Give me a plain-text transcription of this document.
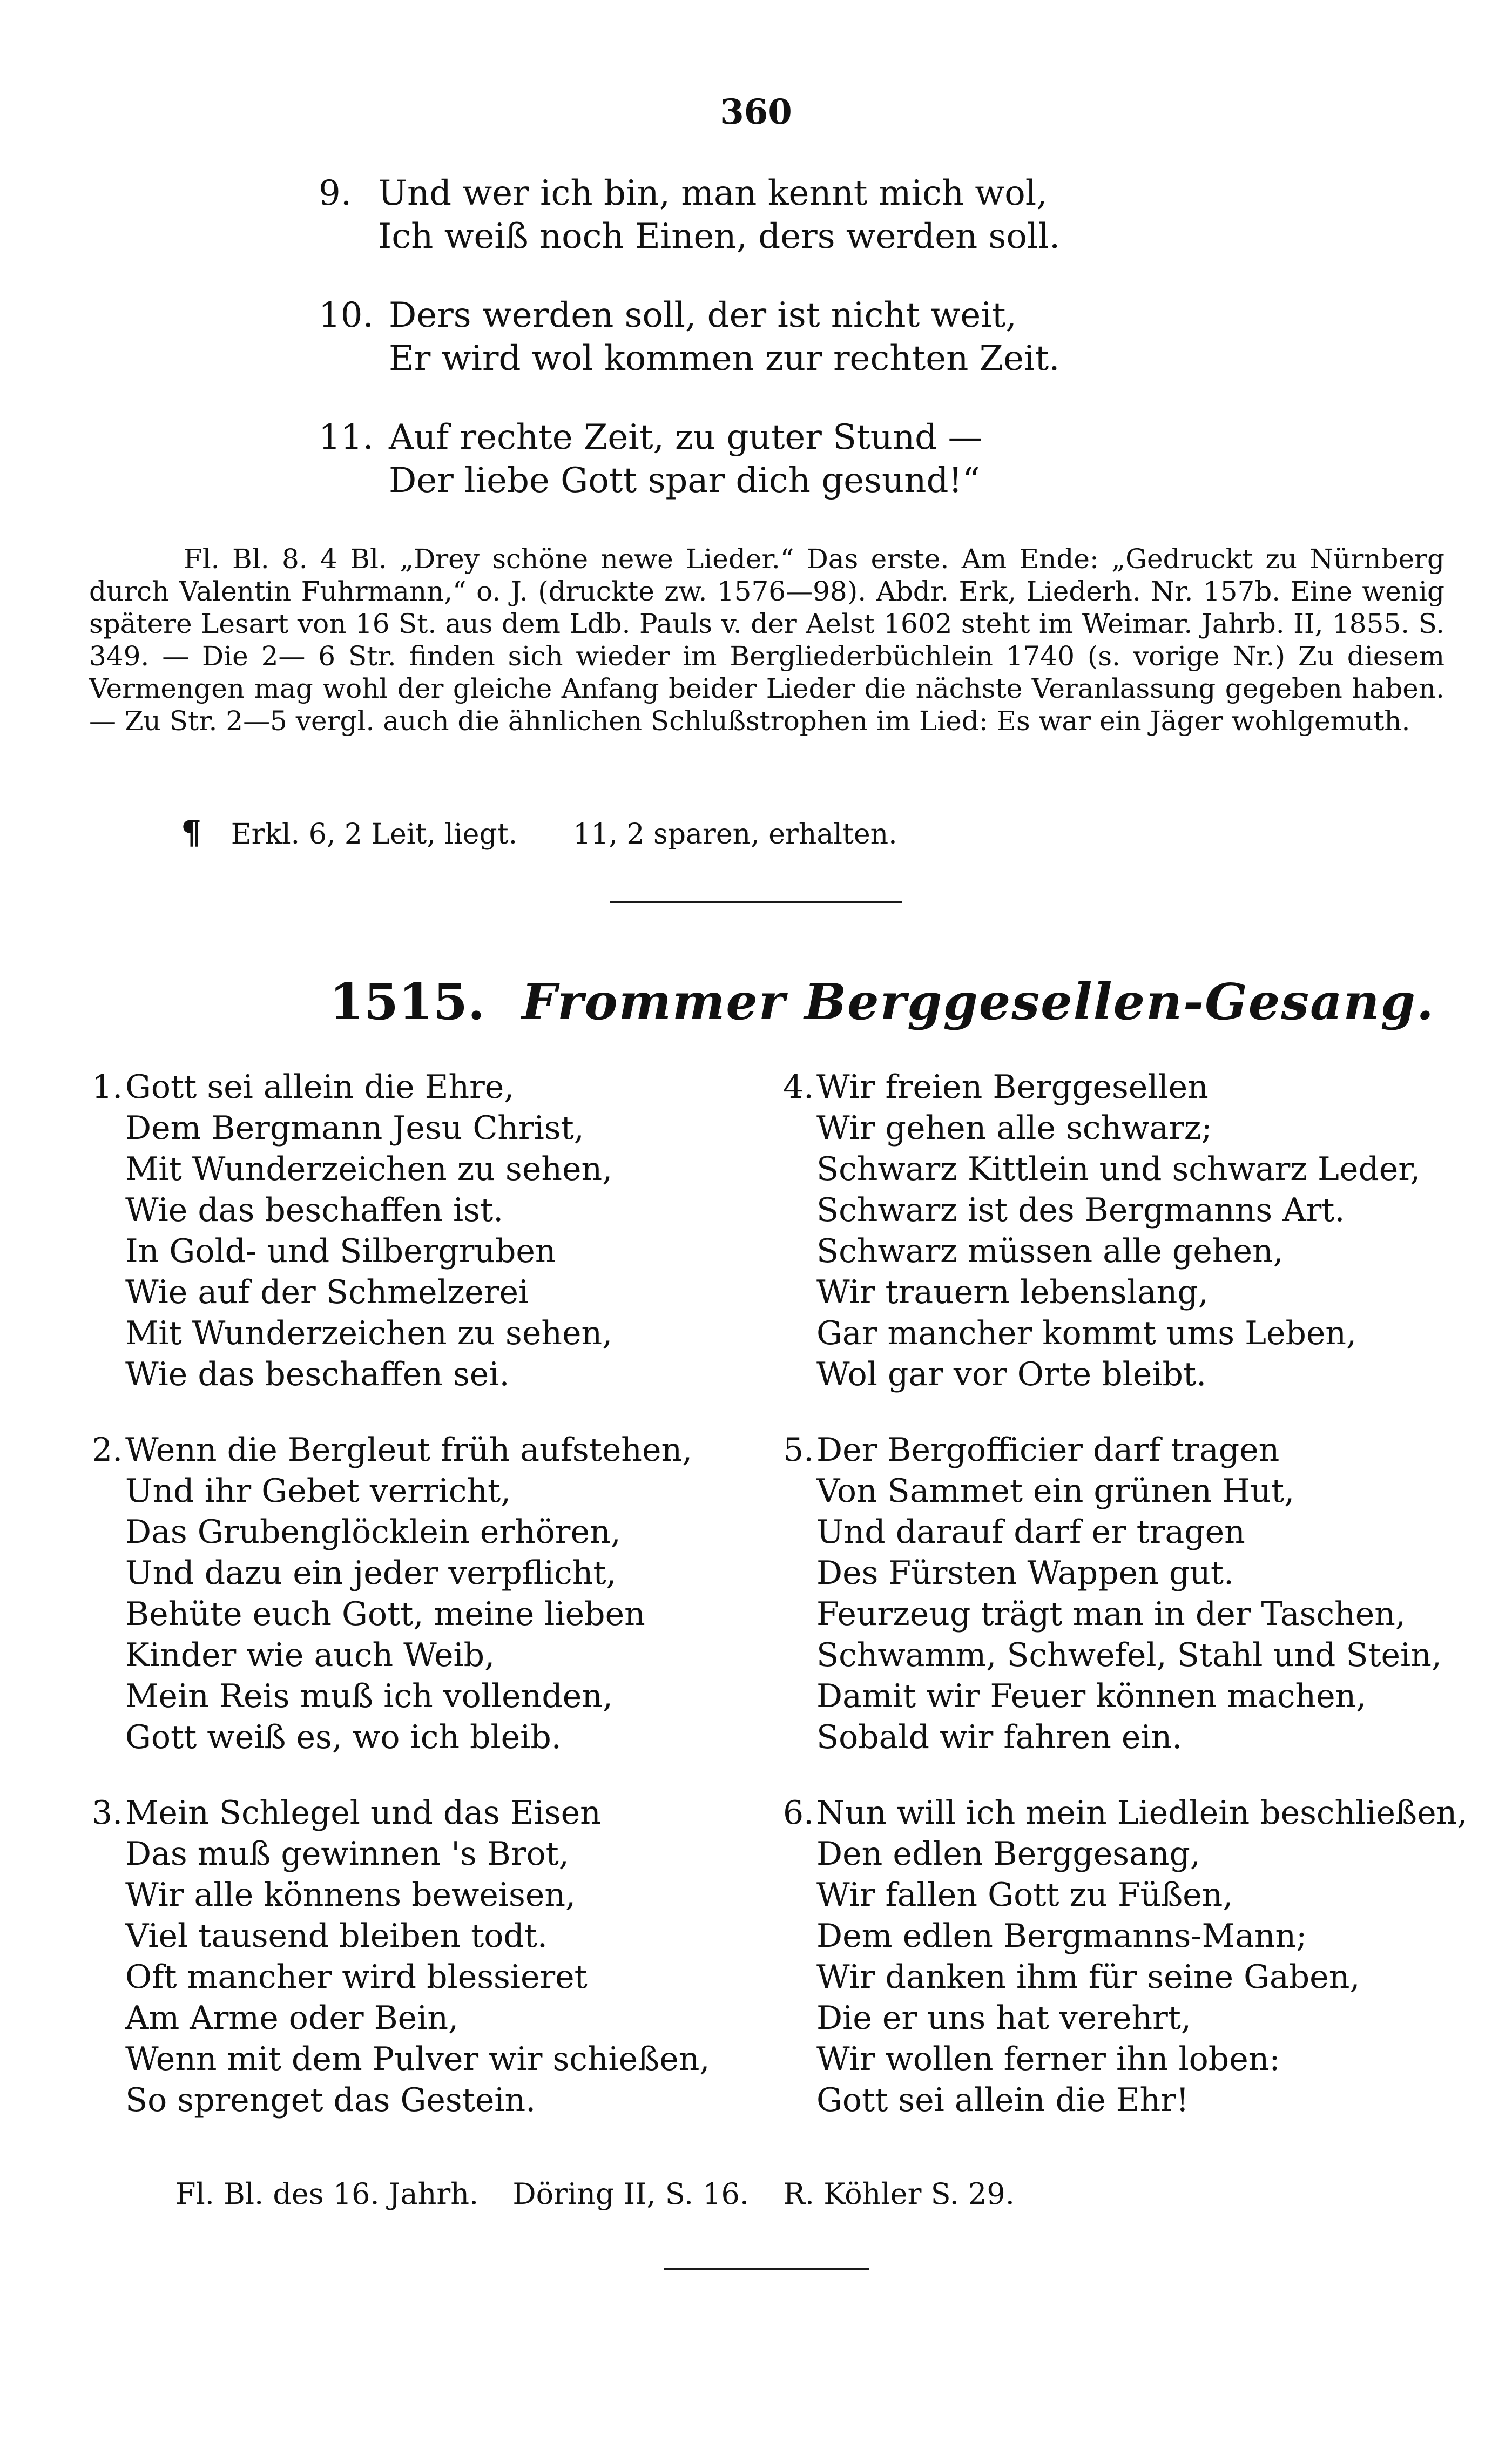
360
9. Und wer ich bin, man kennt mich wol,
Ich weiß noch Einen, ders werden soll.
10. Ders werden soll, der ist nicht weit,
Er wird wol kommen zur rechten Zeit.
11. Auf rechte Zeit, zu guter Stund —
Der liebe Gott spar dich gesund!“

Fl. Bl. 8. 4 Bl. „Drey schöne newe Lieder.“ Das erste. Am Ende: „Gedruckt zu Nürnberg durch Valentin Fuhrmann,“ o. J. (druckte zw. 1576—98). Abdr. Erk, Liederh. Nr. 157b. Eine wenig spätere Lesart von 16 St. aus dem Ldb. Pauls v. der Aelst 1602 steht im Weimar. Jahrb. II, 1855. S. 349. — Die 2— 6 Str. finden sich wieder im Bergliederbüchlein 1740 (s. vorige Nr.) Zu diesem Vermengen mag wohl der gleiche Anfang beider Lieder die nächste Veranlassung gegeben haben. — Zu Str. 2—5 vergl. auch die ähnlichen Schlußstrophen im Lied: Es war ein Jäger wohlgemuth.

¶ Erkl. 6, 2 Leit, liegt. 11, 2 sparen, erhalten.
1515. Frommer Berggesellen-Gesang.
1. Gott sei allein die Ehre,
Dem Bergmann Jesu Christ,
Mit Wunderzeichen zu sehen,
Wie das beschaffen ist.
In Gold- und Silbergruben
Wie auf der Schmelzerei
Mit Wunderzeichen zu sehen,
Wie das beschaffen sei.
2. Wenn die Bergleut früh aufstehen,
Und ihr Gebet verricht,
Das Grubenglöcklein erhören,
Und dazu ein jeder verpflicht,
Behüte euch Gott, meine lieben
Kinder wie auch Weib,
Mein Reis muß ich vollenden,
Gott weiß es, wo ich bleib.
3. Mein Schlegel und das Eisen
Das muß gewinnen 's Brot,
Wir alle könnens beweisen,
Viel tausend bleiben todt.
Oft mancher wird blessieret
Am Arme oder Bein,
Wenn mit dem Pulver wir schießen,
So sprenget das Gestein.
4. Wir freien Berggesellen
Wir gehen alle schwarz;
Schwarz Kittlein und schwarz Leder,
Schwarz ist des Bergmanns Art.
Schwarz müssen alle gehen,
Wir trauern lebenslang,
Gar mancher kommt ums Leben,
Wol gar vor Orte bleibt.
5. Der Bergofficier darf tragen
Von Sammet ein grünen Hut,
Und darauf darf er tragen
Des Fürsten Wappen gut.
Feurzeug trägt man in der Taschen,
Schwamm, Schwefel, Stahl und Stein,
Damit wir Feuer können machen,
Sobald wir fahren ein.
6. Nun will ich mein Liedlein beschließen,
Den edlen Berggesang,
Wir fallen Gott zu Füßen,
Dem edlen Bergmanns-Mann;
Wir danken ihm für seine Gaben,
Die er uns hat verehrt,
Wir wollen ferner ihn loben:
Gott sei allein die Ehr!
Fl. Bl. des 16. Jahrh. Döring II, S. 16. R. Köhler S. 29.
